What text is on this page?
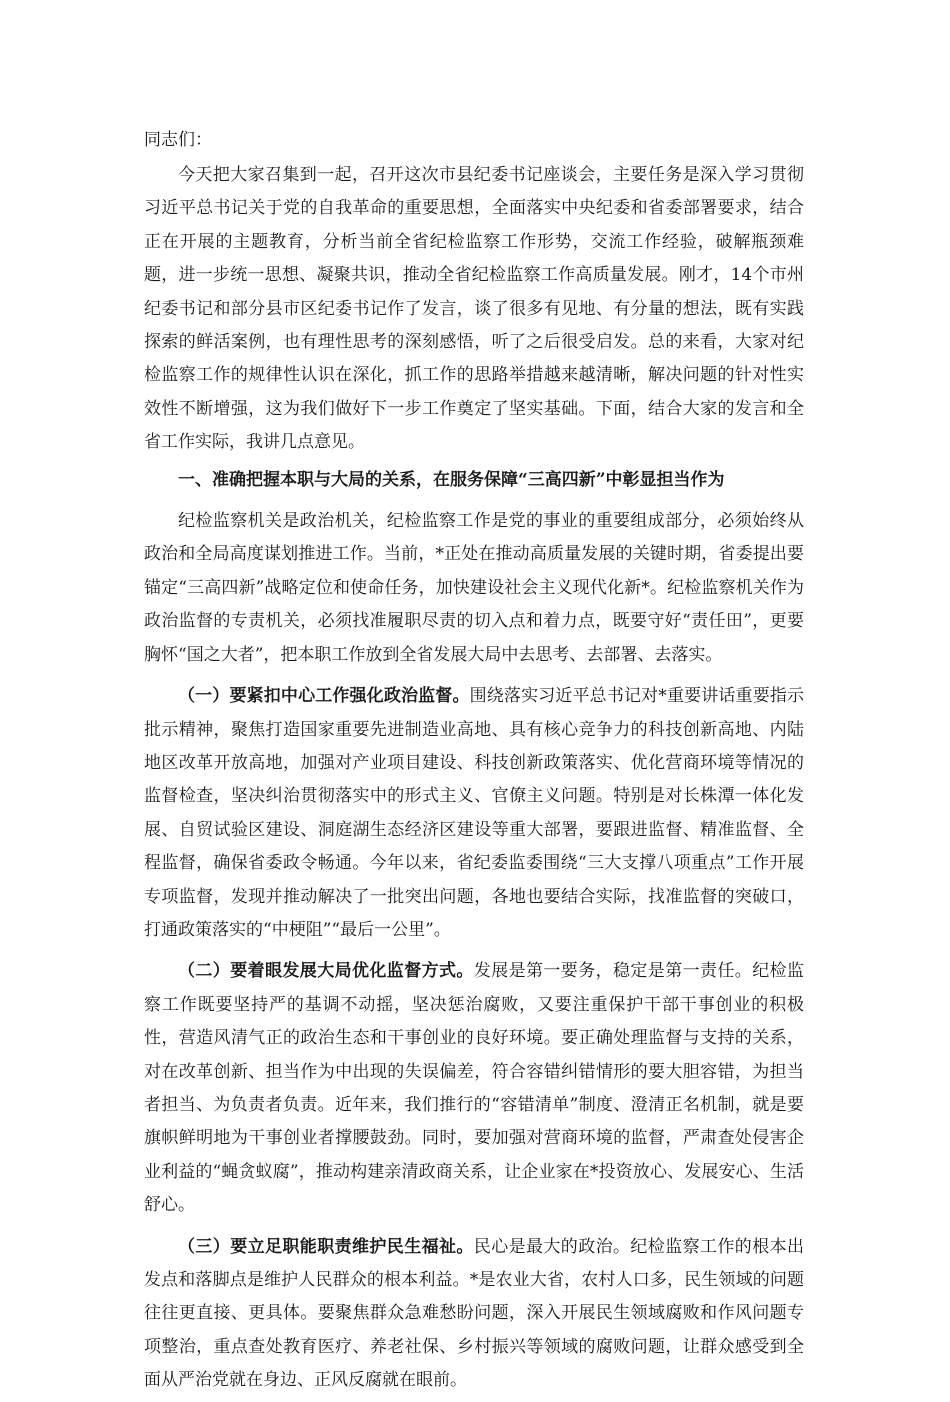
同志们：

今天把大家召集到一起，召开这次市县纪委书记座谈会，主要任务是深入学习贯彻习近平总书记关于党的自我革命的重要思想，全面落实中央纪委和省委部署要求，结合正在开展的主题教育，分析当前全省纪检监察工作形势，交流工作经验，破解瓶颈难题，进一步统一思想、凝聚共识，推动全省纪检监察工作高质量发展。刚才，14个市州纪委书记和部分县市区纪委书记作了发言，谈了很多有见地、有分量的想法，既有实践探索的鲜活案例，也有理性思考的深刻感悟，听了之后很受启发。总的来看，大家对纪检监察工作的规律性认识在深化，抓工作的思路举措越来越清晰，解决问题的针对性实效性不断增强，这为我们做好下一步工作奠定了坚实基础。下面，结合大家的发言和全省工作实际，我讲几点意见。

一、准确把握本职与大局的关系，在服务保障“三高四新”中彰显担当作为

纪检监察机关是政治机关，纪检监察工作是党的事业的重要组成部分，必须始终从政治和全局高度谋划推进工作。当前，*正处在推动高质量发展的关键时期，省委提出要锚定“三高四新”战略定位和使命任务，加快建设社会主义现代化新*。纪检监察机关作为政治监督的专责机关，必须找准履职尽责的切入点和着力点，既要守好“责任田”，更要胸怀“国之大者”，把本职工作放到全省发展大局中去思考、去部署、去落实。

（一）要紧扣中心工作强化政治监督。围绕落实习近平总书记对*重要讲话重要指示批示精神，聚焦打造国家重要先进制造业高地、具有核心竞争力的科技创新高地、内陆地区改革开放高地，加强对产业项目建设、科技创新政策落实、优化营商环境等情况的监督检查，坚决纠治贯彻落实中的形式主义、官僚主义问题。特别是对长株潭一体化发展、自贸试验区建设、洞庭湖生态经济区建设等重大部署，要跟进监督、精准监督、全程监督，确保省委政令畅通。今年以来，省纪委监委围绕“三大支撑八项重点”工作开展专项监督，发现并推动解决了一批突出问题，各地也要结合实际，找准监督的突破口，打通政策落实的“中梗阻”“最后一公里”。

（二）要着眼发展大局优化监督方式。发展是第一要务，稳定是第一责任。纪检监察工作既要坚持严的基调不动摇，坚决惩治腐败，又要注重保护干部干事创业的积极性，营造风清气正的政治生态和干事创业的良好环境。要正确处理监督与支持的关系，对在改革创新、担当作为中出现的失误偏差，符合容错纠错情形的要大胆容错，为担当者担当、为负责者负责。近年来，我们推行的“容错清单”制度、澄清正名机制，就是要旗帜鲜明地为干事创业者撑腰鼓劲。同时，要加强对营商环境的监督，严肃查处侵害企业利益的“蝇贪蚁腐”，推动构建亲清政商关系，让企业家在*投资放心、发展安心、生活舒心。

（三）要立足职能职责维护民生福祉。民心是最大的政治。纪检监察工作的根本出发点和落脚点是维护人民群众的根本利益。*是农业大省，农村人口多，民生领域的问题往往更直接、更具体。要聚焦群众急难愁盼问题，深入开展民生领域腐败和作风问题专项整治，重点查处教育医疗、养老社保、乡村振兴等领域的腐败问题，让群众感受到全面从严治党就在身边、正风反腐就在眼前。
